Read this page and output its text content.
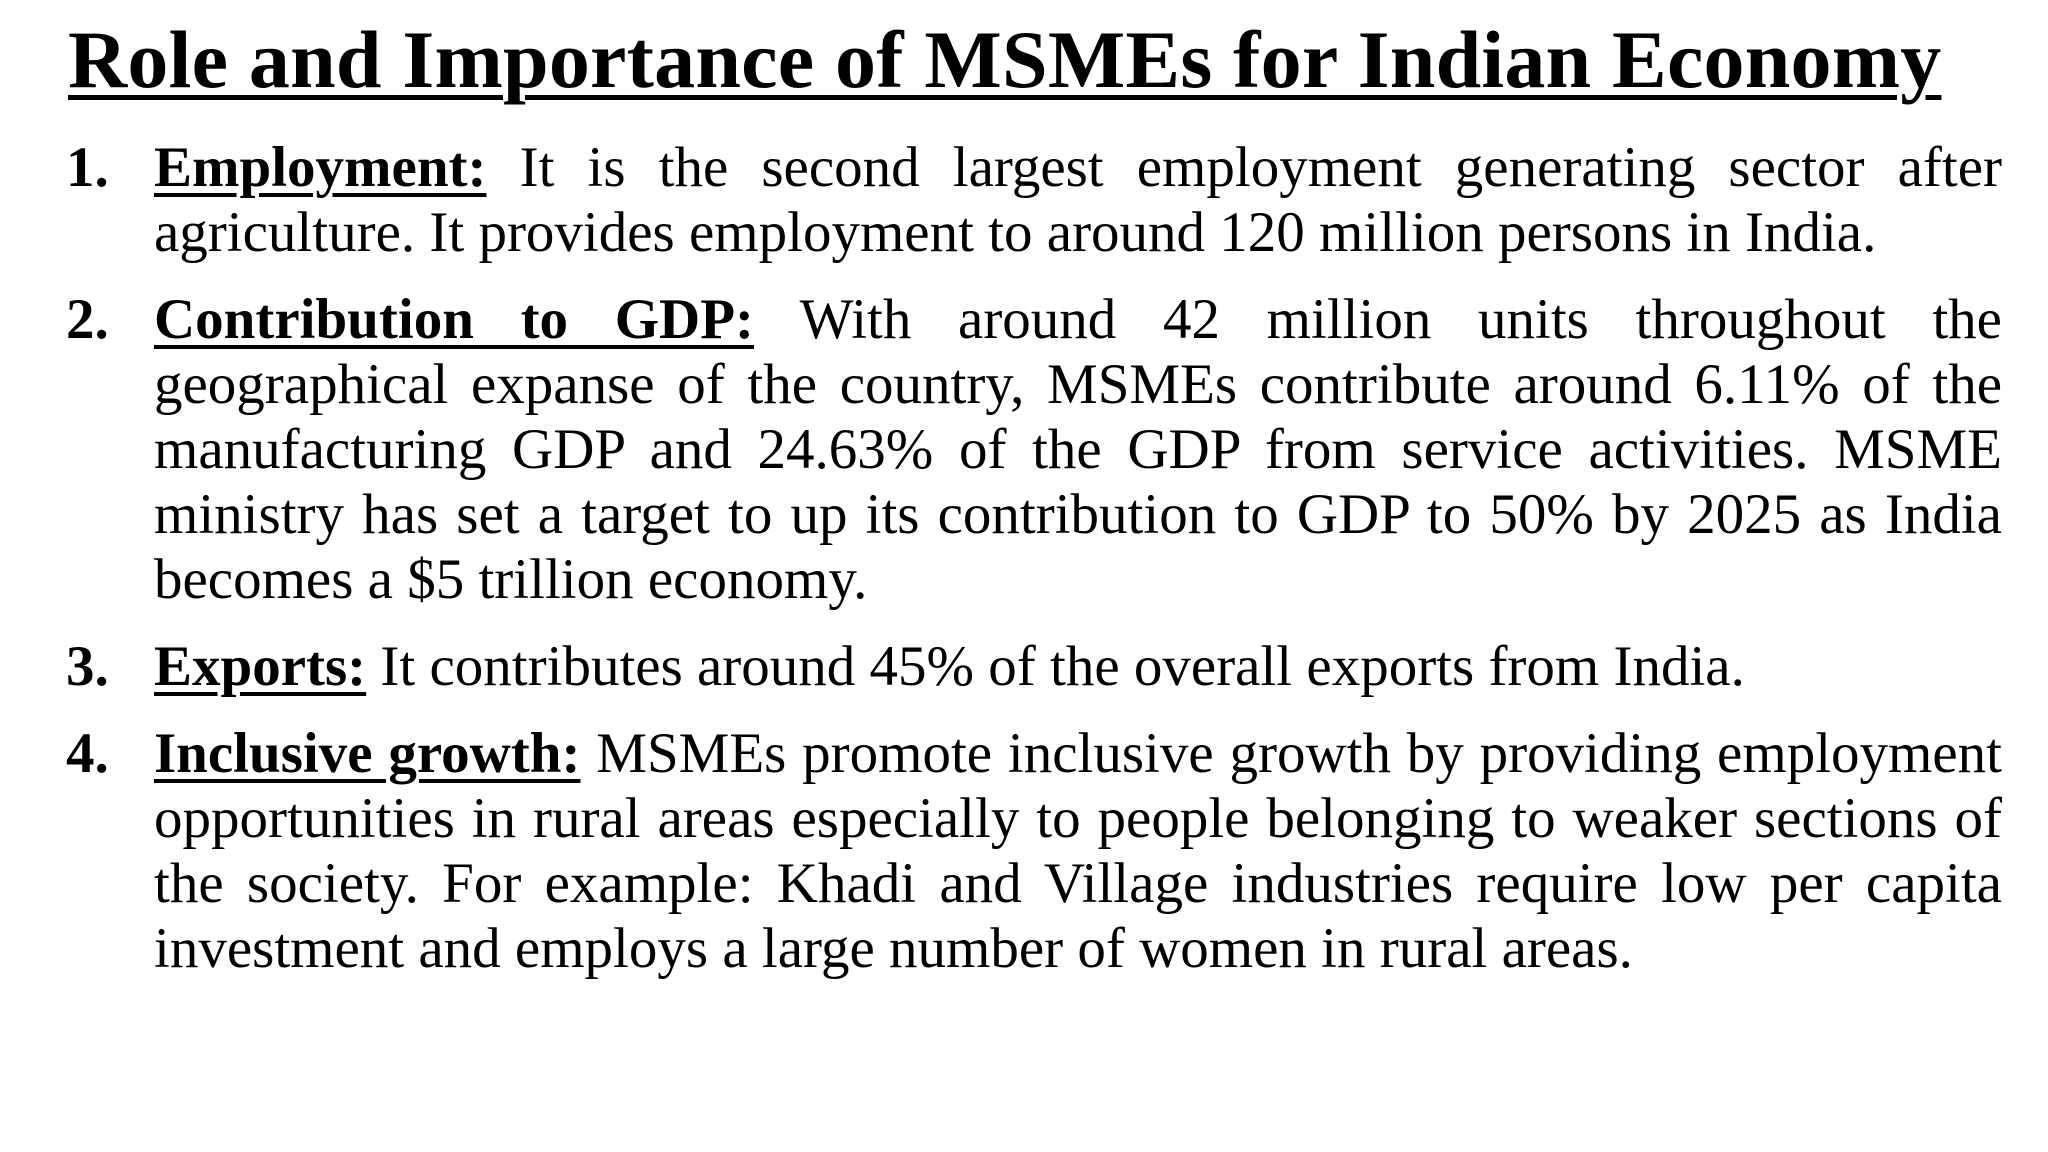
Role and Importance of MSMEs for Indian Economy
1. Employment: It is the second largest employment generating sector after agriculture. It provides employment to around 120 million persons in India.
2. Contribution to GDP: With around 42 million units throughout the geographical expanse of the country, MSMEs contribute around 6.11% of the manufacturing GDP and 24.63% of the GDP from service activities. MSME ministry has set a target to up its contribution to GDP to 50% by 2025 as India becomes a $5 trillion economy.
3. Exports: It contributes around 45% of the overall exports from India.
4. Inclusive growth: MSMEs promote inclusive growth by providing employment opportunities in rural areas especially to people belonging to weaker sections of the society. For example: Khadi and Village industries require low per capita investment and employs a large number of women in rural areas.
